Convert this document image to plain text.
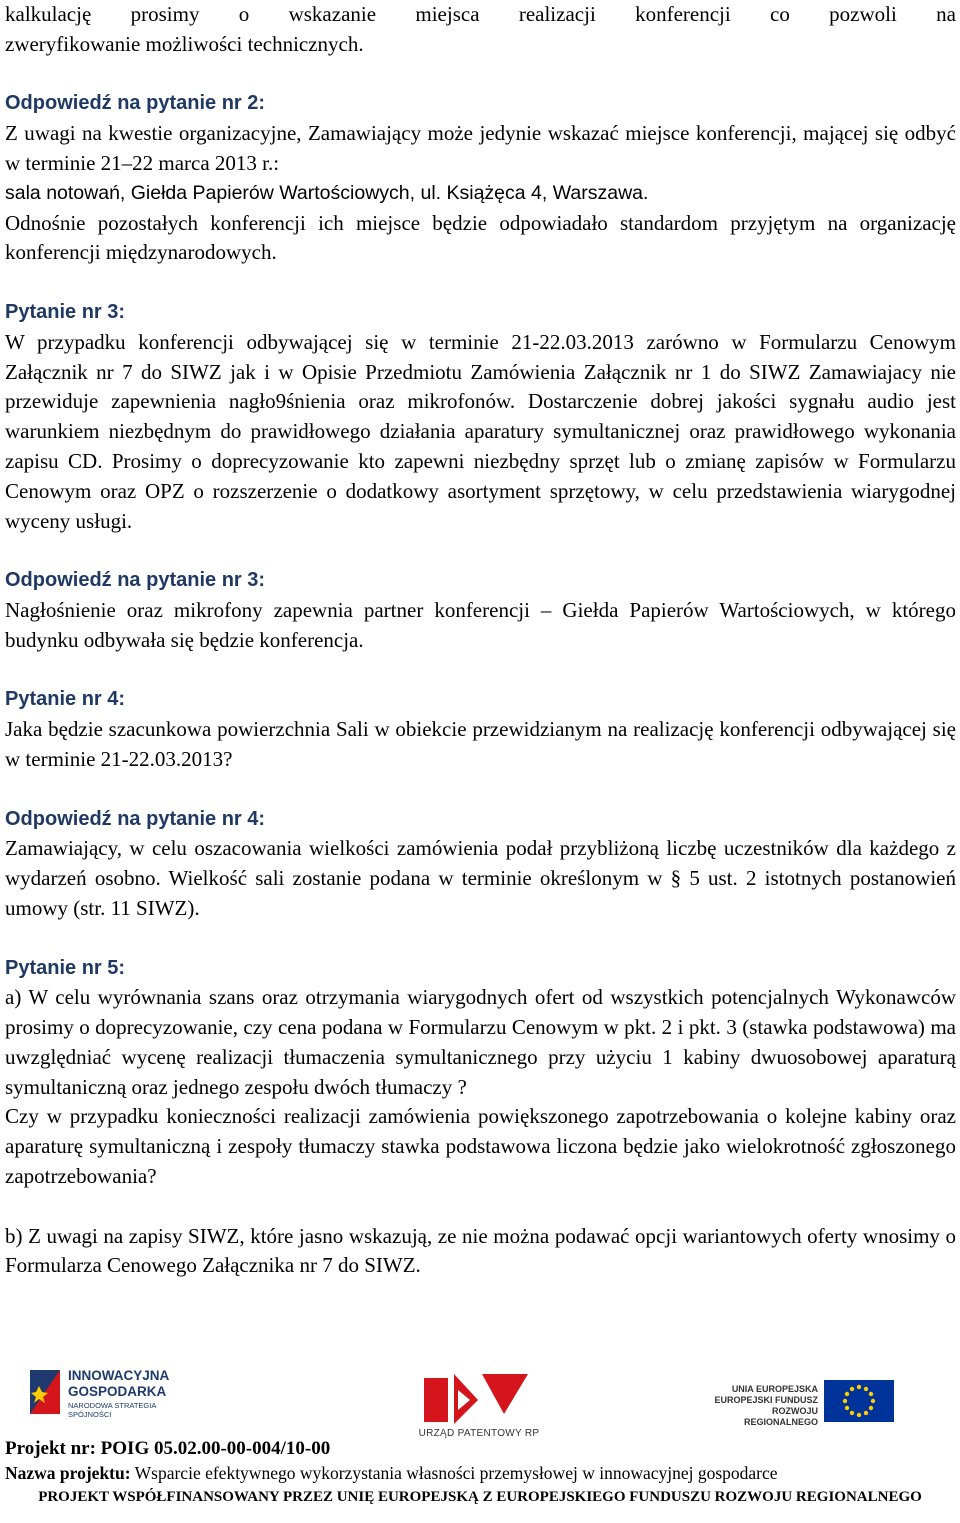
kalkulację prosimy o wskazanie miejsca realizacji konferencji co pozwoli na

zweryfikowanie możliwości technicznych.

Odpowiedź na pytanie nr 2:

Z uwagi na kwestie organizacyjne, Zamawiający może jedynie wskazać miejsce konferencji, mającej się odbyć w terminie 21–22 marca 2013 r.:

sala notowań, Giełda Papierów Wartościowych, ul. Książęca 4, Warszawa.

Odnośnie pozostałych konferencji ich miejsce będzie odpowiadało standardom przyjętym na organizację konferencji międzynarodowych.

Pytanie nr 3:

W przypadku konferencji odbywającej się w terminie 21-22.03.2013 zarówno w Formularzu Cenowym Załącznik nr 7 do SIWZ jak i w Opisie Przedmiotu Zamówienia Załącznik nr 1 do SIWZ Zamawiajacy nie przewiduje zapewnienia nagło9śnienia oraz mikrofonów. Dostarczenie dobrej jakości sygnału audio jest warunkiem niezbędnym do prawidłowego działania aparatury symultanicznej oraz prawidłowego wykonania zapisu CD. Prosimy o doprecyzowanie kto zapewni niezbędny sprzęt lub o zmianę zapisów w Formularzu Cenowym oraz OPZ o rozszerzenie o dodatkowy asortyment sprzętowy, w celu przedstawienia wiarygodnej wyceny usługi.

Odpowiedź na pytanie nr 3:

Nagłośnienie oraz mikrofony zapewnia partner konferencji – Giełda Papierów Wartościowych, w którego budynku odbywała się będzie konferencja.

Pytanie nr 4:

Jaka będzie szacunkowa powierzchnia Sali w obiekcie przewidzianym na realizację konferencji odbywającej się w terminie 21-22.03.2013?

Odpowiedź na pytanie nr 4:

Zamawiający, w celu oszacowania wielkości zamówienia podał przybliżoną liczbę uczestników dla każdego z wydarzeń osobno. Wielkość sali zostanie podana w terminie określonym w § 5 ust. 2 istotnych postanowień umowy (str. 11 SIWZ).

Pytanie nr 5:

a) W celu wyrównania szans oraz otrzymania wiarygodnych ofert od wszystkich potencjalnych Wykonawców prosimy o doprecyzowanie, czy cena podana w Formularzu Cenowym w pkt. 2 i pkt. 3 (stawka podstawowa) ma uwzględniać wycenę realizacji tłumaczenia symultanicznego przy użyciu 1 kabiny dwuosobowej aparaturą symultaniczną oraz jednego zespołu dwóch tłumaczy ?

Czy w przypadku konieczności realizacji zamówienia powiększonego zapotrzebowania o kolejne kabiny oraz aparaturę symultaniczną i zespoły tłumaczy stawka podstawowa liczona będzie jako wielokrotność zgłoszonego zapotrzebowania?

b) Z uwagi na zapisy SIWZ, które jasno wskazują, ze nie można podawać opcji wariantowych oferty wnosimy o Formularza Cenowego Załącznika nr 7 do SIWZ.

INNOWACYJNA
GOSPODARKA
NARODOWA STRATEGIA SPÓJNOŚCI
URZĄD PATENTOWY RP
UNIA EUROPEJSKA
EUROPEJSKI FUNDUSZ
ROZWOJU REGIONALNEGO
Projekt nr: POIG 05.02.00-00-004/10-00
Nazwa projektu: Wsparcie efektywnego wykorzystania własności przemysłowej w innowacyjnej gospodarce
PROJEKT WSPÓŁFINANSOWANY PRZEZ UNIĘ EUROPEJSKĄ Z EUROPEJSKIEGO FUNDUSZU ROZWOJU REGIONALNEGO
